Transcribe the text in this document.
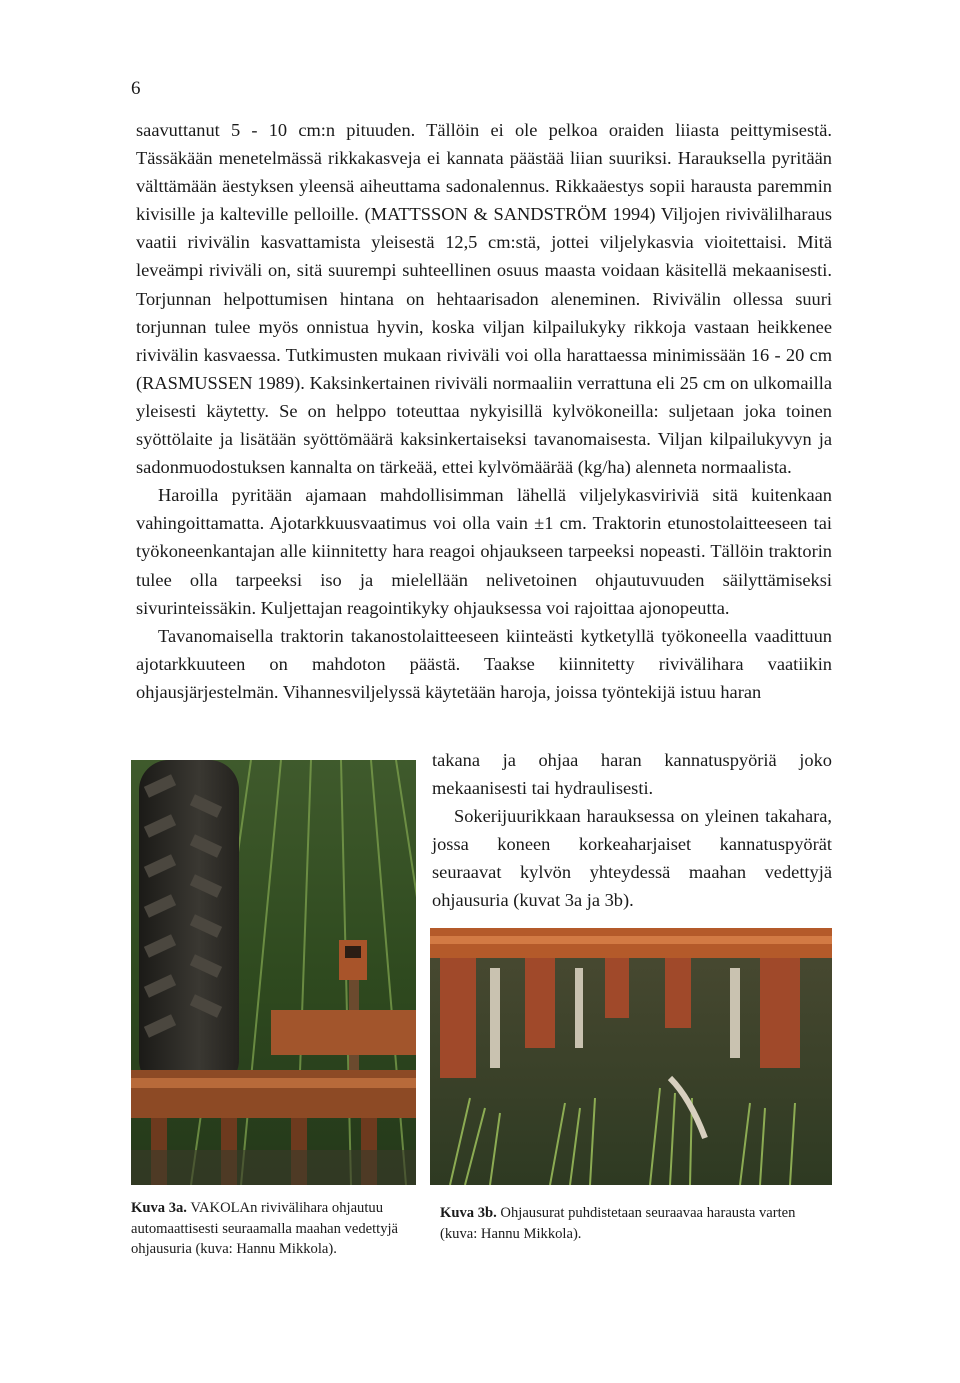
6

saavuttanut 5 - 10 cm:n pituuden. Tällöin ei ole pelkoa oraiden liiasta peittymisestä. Tässäkään menetelmässä rikkakasveja ei kannata päästää liian suuriksi. Harauksella pyritään välttämään äestyksen yleensä aiheuttama sadonalennus. Rikkaäestys sopii harausta paremmin kivisille ja kalteville pelloille. (MATTSSON & SANDSTRÖM 1994) Viljojen rivivälilharaus vaatii rivivälin kasvattamista yleisestä 12,5 cm:stä, jottei viljelykasvia vioitettaisi. Mitä leveämpi riviväli on, sitä suurempi suhteellinen osuus maasta voidaan käsitellä mekaanisesti. Torjunnan helpottumisen hintana on hehtaarisadon aleneminen. Rivivälin ollessa suuri torjunnan tulee myös onnistua hyvin, koska viljan kilpailukyky rikkoja vastaan heikkenee rivivälin kasvaessa. Tutkimusten mukaan riviväli voi olla harattaessa minimissään 16 - 20 cm (RASMUSSEN 1989). Kaksinkertainen riviväli normaaliin verrattuna eli 25 cm on ulkomailla yleisesti käytetty. Se on helppo toteuttaa nykyisillä kylvökoneilla: suljetaan joka toinen syöttölaite ja lisätään syöttömäärä kaksinkertaiseksi tavanomaisesta. Viljan kilpailukyvyn ja sadonmuodostuksen kannalta on tärkeää, ettei kylvömäärää (kg/ha) alenneta normaalista.

Haroilla pyritään ajamaan mahdollisimman lähellä viljelykasviriviä sitä kuitenkaan vahingoittamatta. Ajotarkkuusvaatimus voi olla vain ±1 cm. Traktorin etunostolaitteeseen tai työkoneenkantajan alle kiinnitetty hara reagoi ohjaukseen tarpeeksi nopeasti. Tällöin traktorin tulee olla tarpeeksi iso ja mielellään nelivetoinen ohjautuvuuden säilyttämiseksi sivurinteissäkin. Kuljettajan reagointikyky ohjauksessa voi rajoittaa ajonopeutta.

Tavanomaisella traktorin takanostolaitteeseen kiinteästi kytketyllä työkoneella vaadittuun ajotarkkuuteen on mahdoton päästä. Taakse kiinnitetty rivivälihara vaatiikin ohjausjärjestelmän. Vihannesviljelyssä käytetään haroja, joissa työntekijä istuu haran

takana ja ohjaa haran kannatuspyöriä joko mekaanisesti tai hydraulisesti.

Sokerijuurikkaan harauksessa on yleinen takahara, jossa koneen korkeaharjaiset kannatuspyörät seuraavat kylvön yhteydessä maahan vedettyjä ohjausuria (kuvat 3a ja 3b).

Kuva 3a. VAKOLAn rivivälihara ohjautuu automaattisesti seuraamalla maahan vedettyjä ohjausuria (kuva: Hannu Mikkola).
Kuva 3b. Ohjausurat puhdistetaan seuraavaa harausta varten (kuva: Hannu Mikkola).
